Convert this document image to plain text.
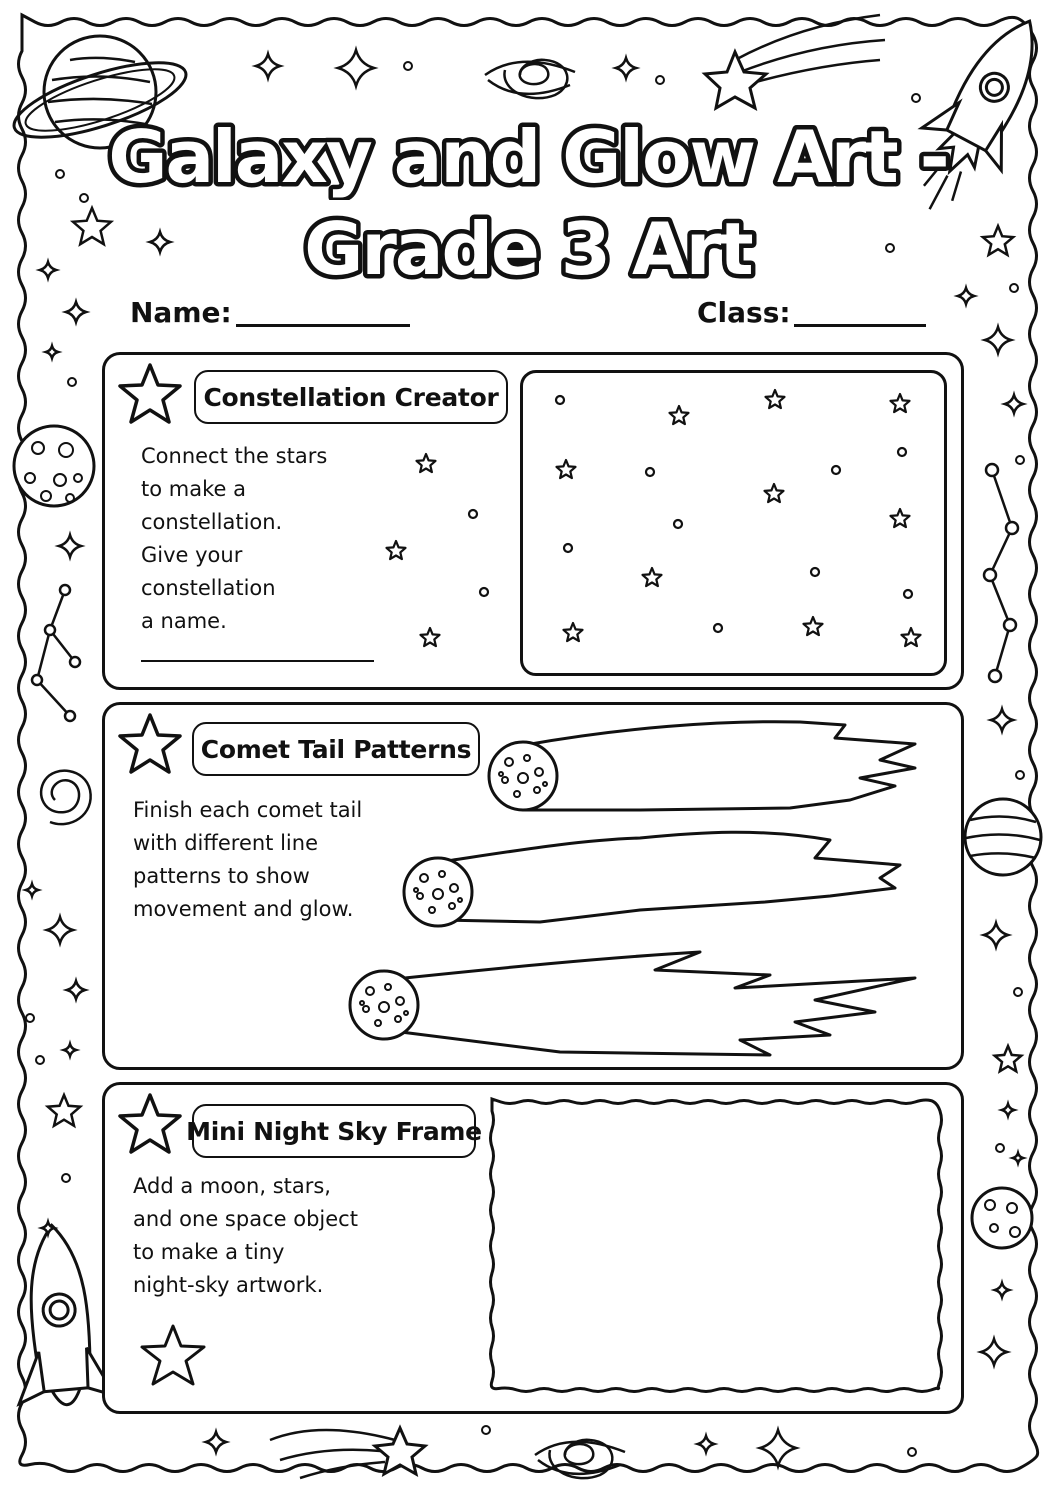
Galaxy and Glow Art -
Grade 3 Art
Name:	Class:
Constellation Creator
Connect the stars
to make a
constellation.
Give your
constellation
a name.
Comet Tail Patterns
Finish each comet tail
with different line
patterns to show
movement and glow.
Mini Night Sky Frame
Add a moon, stars,
and one space object
to make a tiny
night-sky artwork.
